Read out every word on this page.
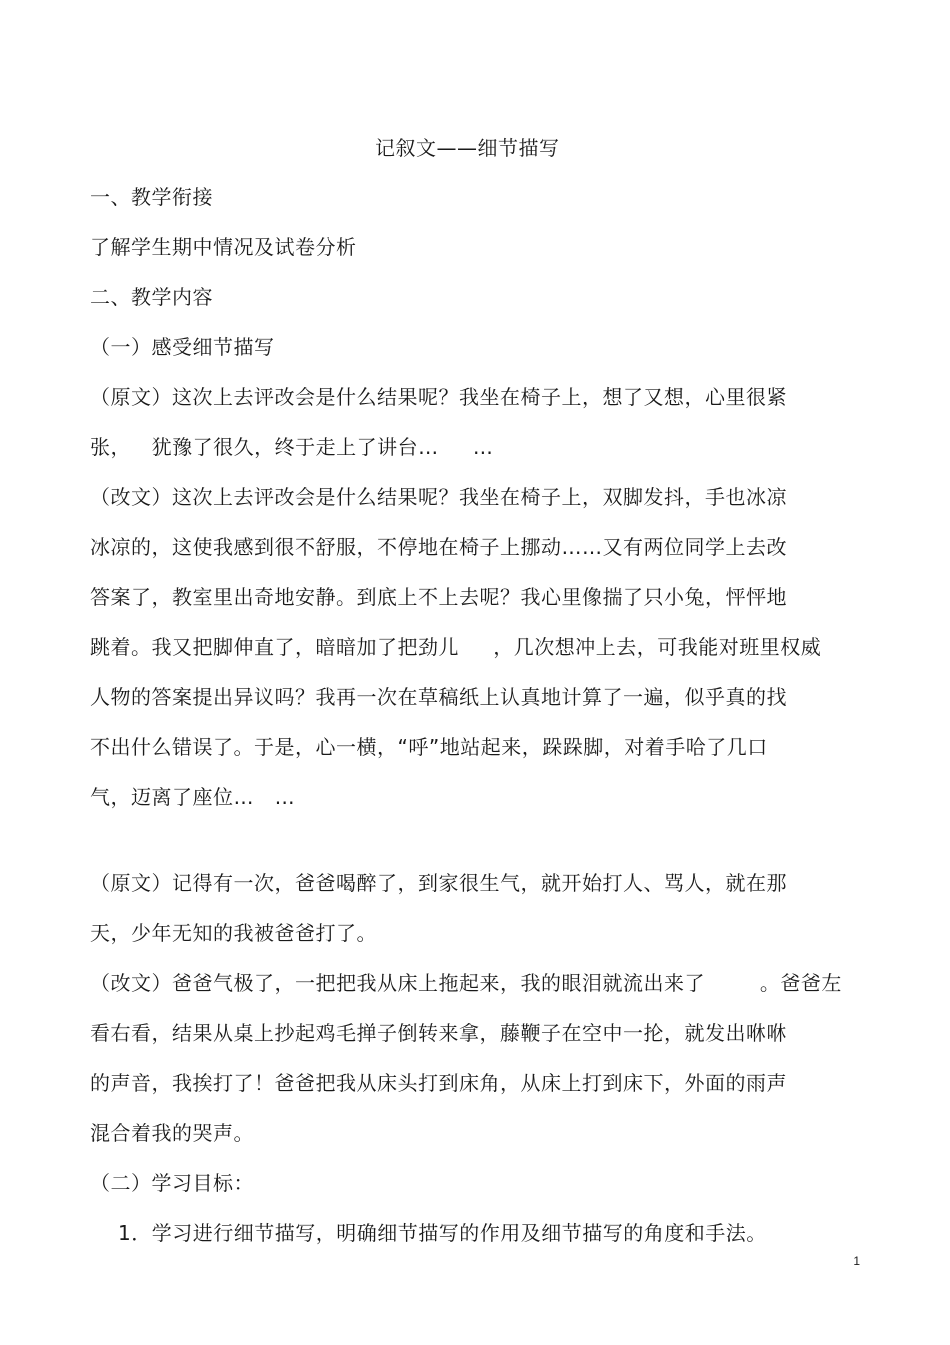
记叙文——细节描写

一、教学衔接

了解学生期中情况及试卷分析

二、教学内容

（一）感受细节描写

（原文）这次上去评改会是什么结果呢？我坐在椅子上，想了又想，心里很紧

张，   犹豫了很久，终于走上了讲台…     …

（改文）这次上去评改会是什么结果呢？我坐在椅子上，双脚发抖，手也冰凉

冰凉的，这使我感到很不舒服，不停地在椅子上挪动……又有两位同学上去改

答案了，教室里出奇地安静。到底上不上去呢？我心里像揣了只小兔，怦怦地

跳着。我又把脚伸直了，暗暗加了把劲儿     ，几次想冲上去，可我能对班里权威

人物的答案提出异议吗？我再一次在草稿纸上认真地计算了一遍，似乎真的找

不出什么错误了。于是，心一横，“呼”地站起来，跺跺脚，对着手哈了几口

气，迈离了座位…   …

（原文）记得有一次，爸爸喝醉了，到家很生气，就开始打人、骂人，就在那

天，少年无知的我被爸爸打了。

（改文）爸爸气极了，一把把我从床上拖起来，我的眼泪就流出来了        。爸爸左

看右看，结果从桌上抄起鸡毛掸子倒转来拿，藤鞭子在空中一抡，就发出咻咻

的声音，我挨打了！爸爸把我从床头打到床角，从床上打到床下，外面的雨声

混合着我的哭声。

（二）学习目标：

1．学习进行细节描写，明确细节描写的作用及细节描写的角度和手法。

1
